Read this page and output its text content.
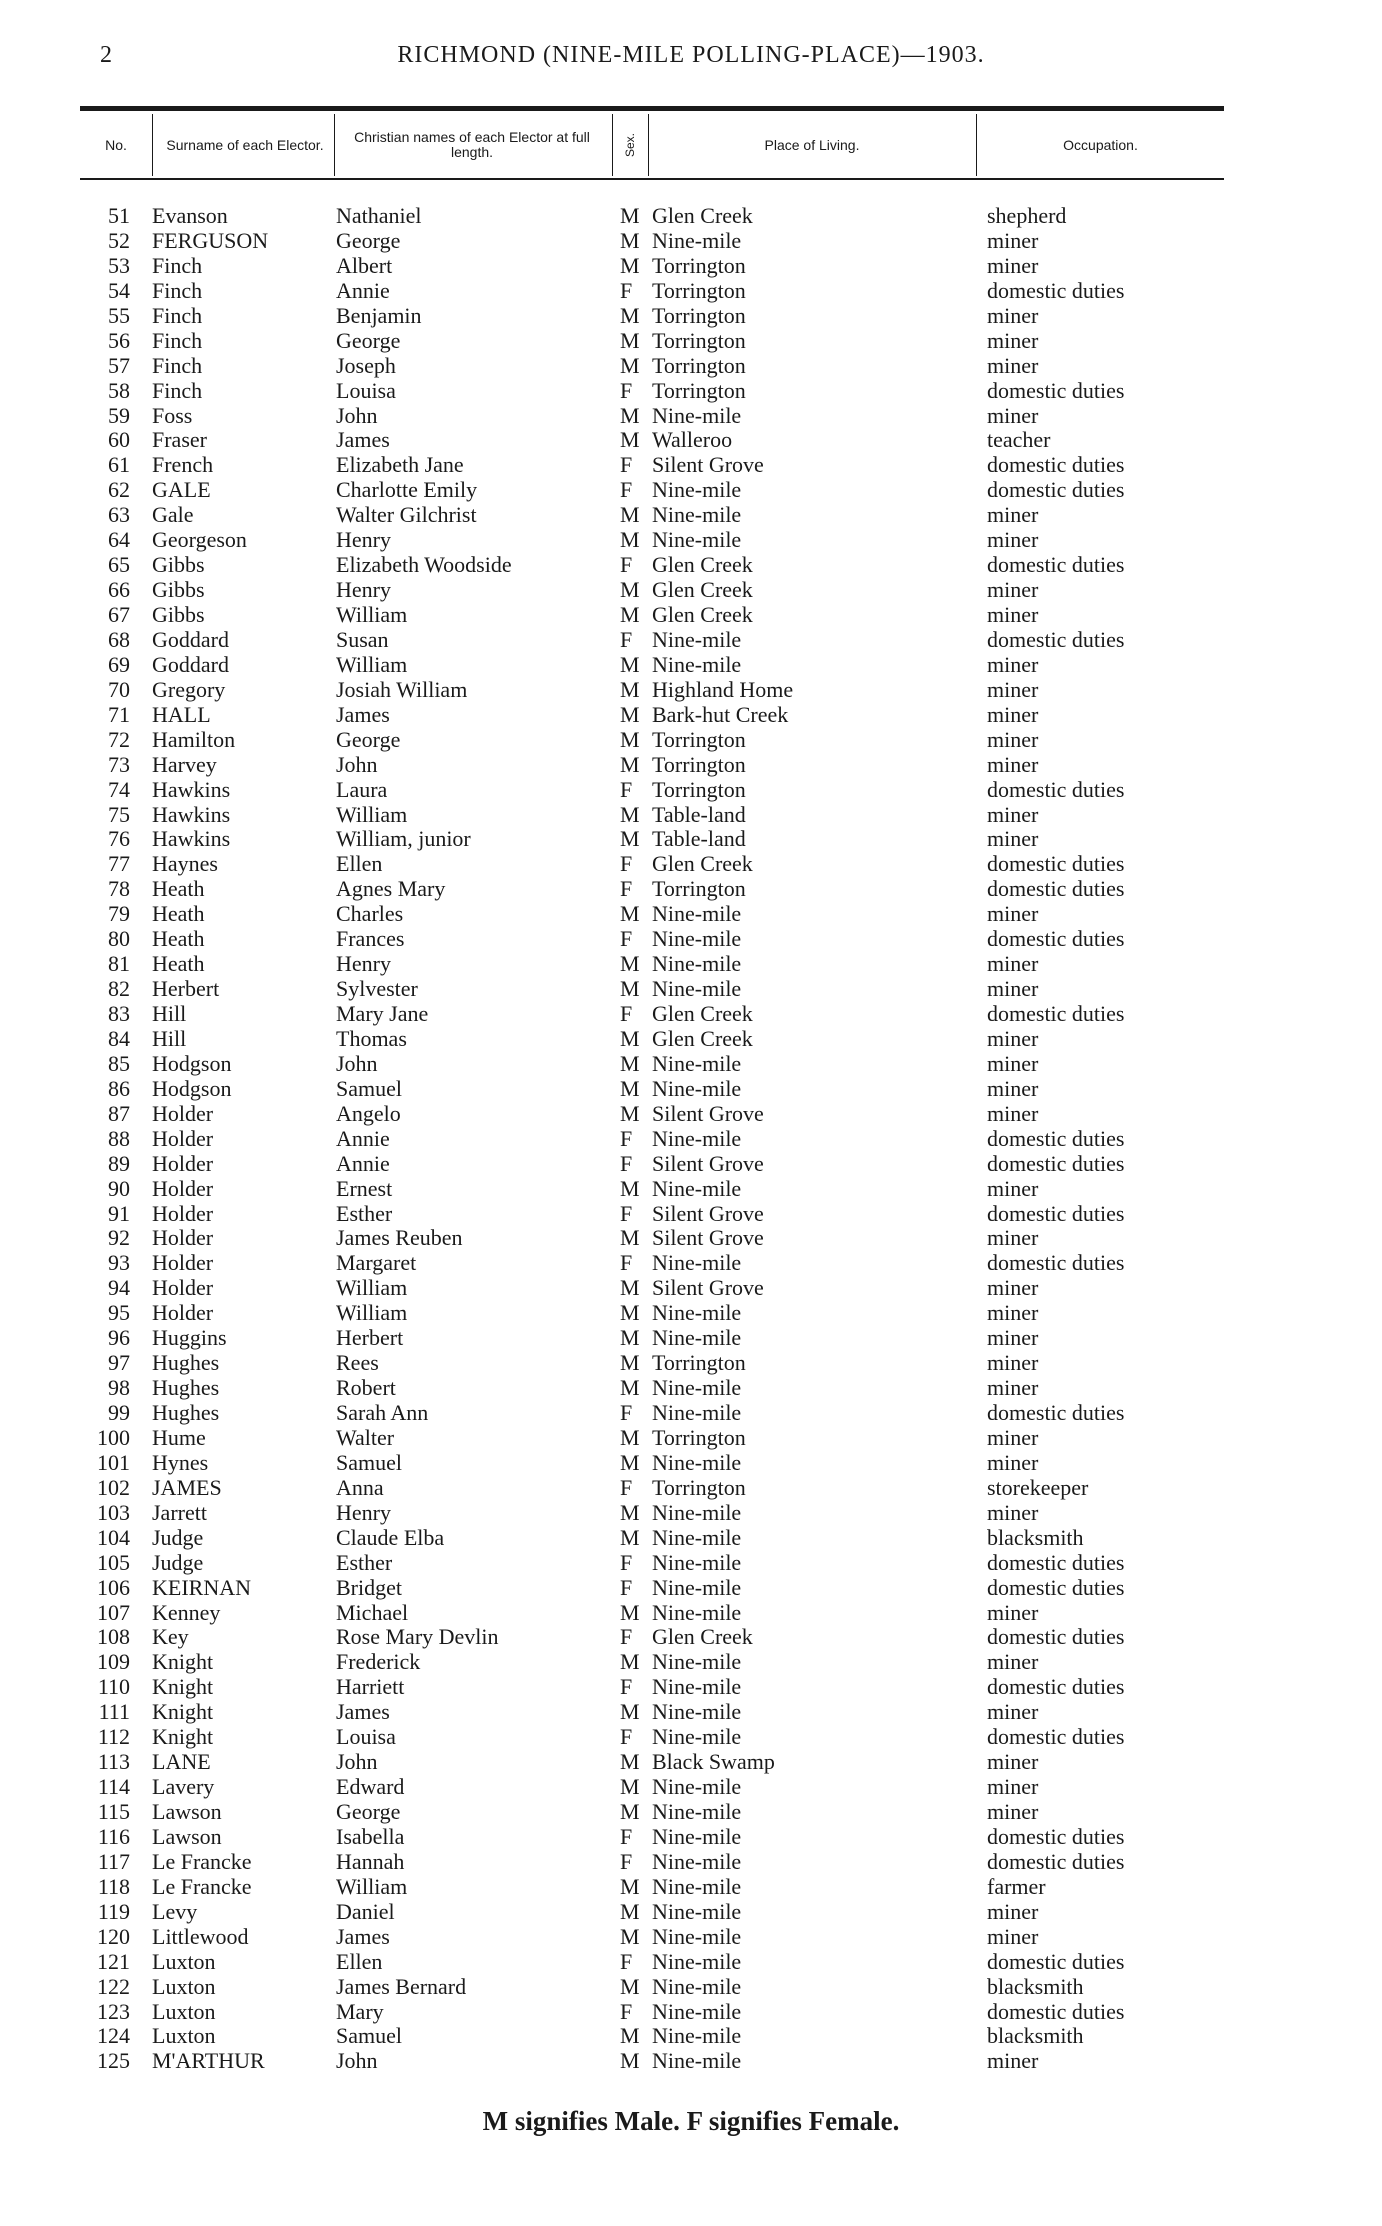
2	RICHMOND (NINE-MILE POLLING-PLACE)—1903.
No.	Surname of each Elector.	Christian names of each Elector at full length.	Sex.	Place of Living.	Occupation.
51 Evanson	Nathaniel	M Glen Creek	shepherd
52 FERGUSON	George	M Nine-mile	miner
53 Finch	Albert	M Torrington	miner
54 Finch	Annie	F Torrington	domestic duties
55 Finch	Benjamin	M Torrington	miner
56 Finch	George	M Torrington	miner
57 Finch	Joseph	M Torrington	miner
58 Finch	Louisa	F Torrington	domestic duties
59 Foss	John	M Nine-mile	miner
60 Fraser	James	M Walleroo	teacher
61 French	Elizabeth Jane	F Silent Grove	domestic duties
62 GALE	Charlotte Emily	F Nine-mile	domestic duties
63 Gale	Walter Gilchrist	M Nine-mile	miner
64 Georgeson	Henry	M Nine-mile	miner
65 Gibbs	Elizabeth Woodside	F Glen Creek	domestic duties
66 Gibbs	Henry	M Glen Creek	miner
67 Gibbs	William	M Glen Creek	miner
68 Goddard	Susan	F Nine-mile	domestic duties
69 Goddard	William	M Nine-mile	miner
70 Gregory	Josiah William	M Highland Home	miner
71 HALL	James	M Bark-hut Creek	miner
72 Hamilton	George	M Torrington	miner
73 Harvey	John	M Torrington	miner
74 Hawkins	Laura	F Torrington	domestic duties
75 Hawkins	William	M Table-land	miner
76 Hawkins	William, junior	M Table-land	miner
77 Haynes	Ellen	F Glen Creek	domestic duties
78 Heath	Agnes Mary	F Torrington	domestic duties
79 Heath	Charles	M Nine-mile	miner
80 Heath	Frances	F Nine-mile	domestic duties
81 Heath	Henry	M Nine-mile	miner
82 Herbert	Sylvester	M Nine-mile	miner
83 Hill	Mary Jane	F Glen Creek	domestic duties
84 Hill	Thomas	M Glen Creek	miner
85 Hodgson	John	M Nine-mile	miner
86 Hodgson	Samuel	M Nine-mile	miner
87 Holder	Angelo	M Silent Grove	miner
88 Holder	Annie	F Nine-mile	domestic duties
89 Holder	Annie	F Silent Grove	domestic duties
90 Holder	Ernest	M Nine-mile	miner
91 Holder	Esther	F Silent Grove	domestic duties
92 Holder	James Reuben	M Silent Grove	miner
93 Holder	Margaret	F Nine-mile	domestic duties
94 Holder	William	M Silent Grove	miner
95 Holder	William	M Nine-mile	miner
96 Huggins	Herbert	M Nine-mile	miner
97 Hughes	Rees	M Torrington	miner
98 Hughes	Robert	M Nine-mile	miner
99 Hughes	Sarah Ann	F Nine-mile	domestic duties
100 Hume	Walter	M Torrington	miner
101 Hynes	Samuel	M Nine-mile	miner
102 JAMES	Anna	F Torrington	storekeeper
103 Jarrett	Henry	M Nine-mile	miner
104 Judge	Claude Elba	M Nine-mile	blacksmith
105 Judge	Esther	F Nine-mile	domestic duties
106 KEIRNAN	Bridget	F Nine-mile	domestic duties
107 Kenney	Michael	M Nine-mile	miner
108 Key	Rose Mary Devlin	F Glen Creek	domestic duties
109 Knight	Frederick	M Nine-mile	miner
110 Knight	Harriett	F Nine-mile	domestic duties
111 Knight	James	M Nine-mile	miner
112 Knight	Louisa	F Nine-mile	domestic duties
113 LANE	John	M Black Swamp	miner
114 Lavery	Edward	M Nine-mile	miner
115 Lawson	George	M Nine-mile	miner
116 Lawson	Isabella	F Nine-mile	domestic duties
117 Le Francke	Hannah	F Nine-mile	domestic duties
118 Le Francke	William	M Nine-mile	farmer
119 Levy	Daniel	M Nine-mile	miner
120 Littlewood	James	M Nine-mile	miner
121 Luxton	Ellen	F Nine-mile	domestic duties
122 Luxton	James Bernard	M Nine-mile	blacksmith
123 Luxton	Mary	F Nine-mile	domestic duties
124 Luxton	Samuel	M Nine-mile	blacksmith
125 M'ARTHUR	John	M Nine-mile	miner
M signifies Male. F signifies Female.
